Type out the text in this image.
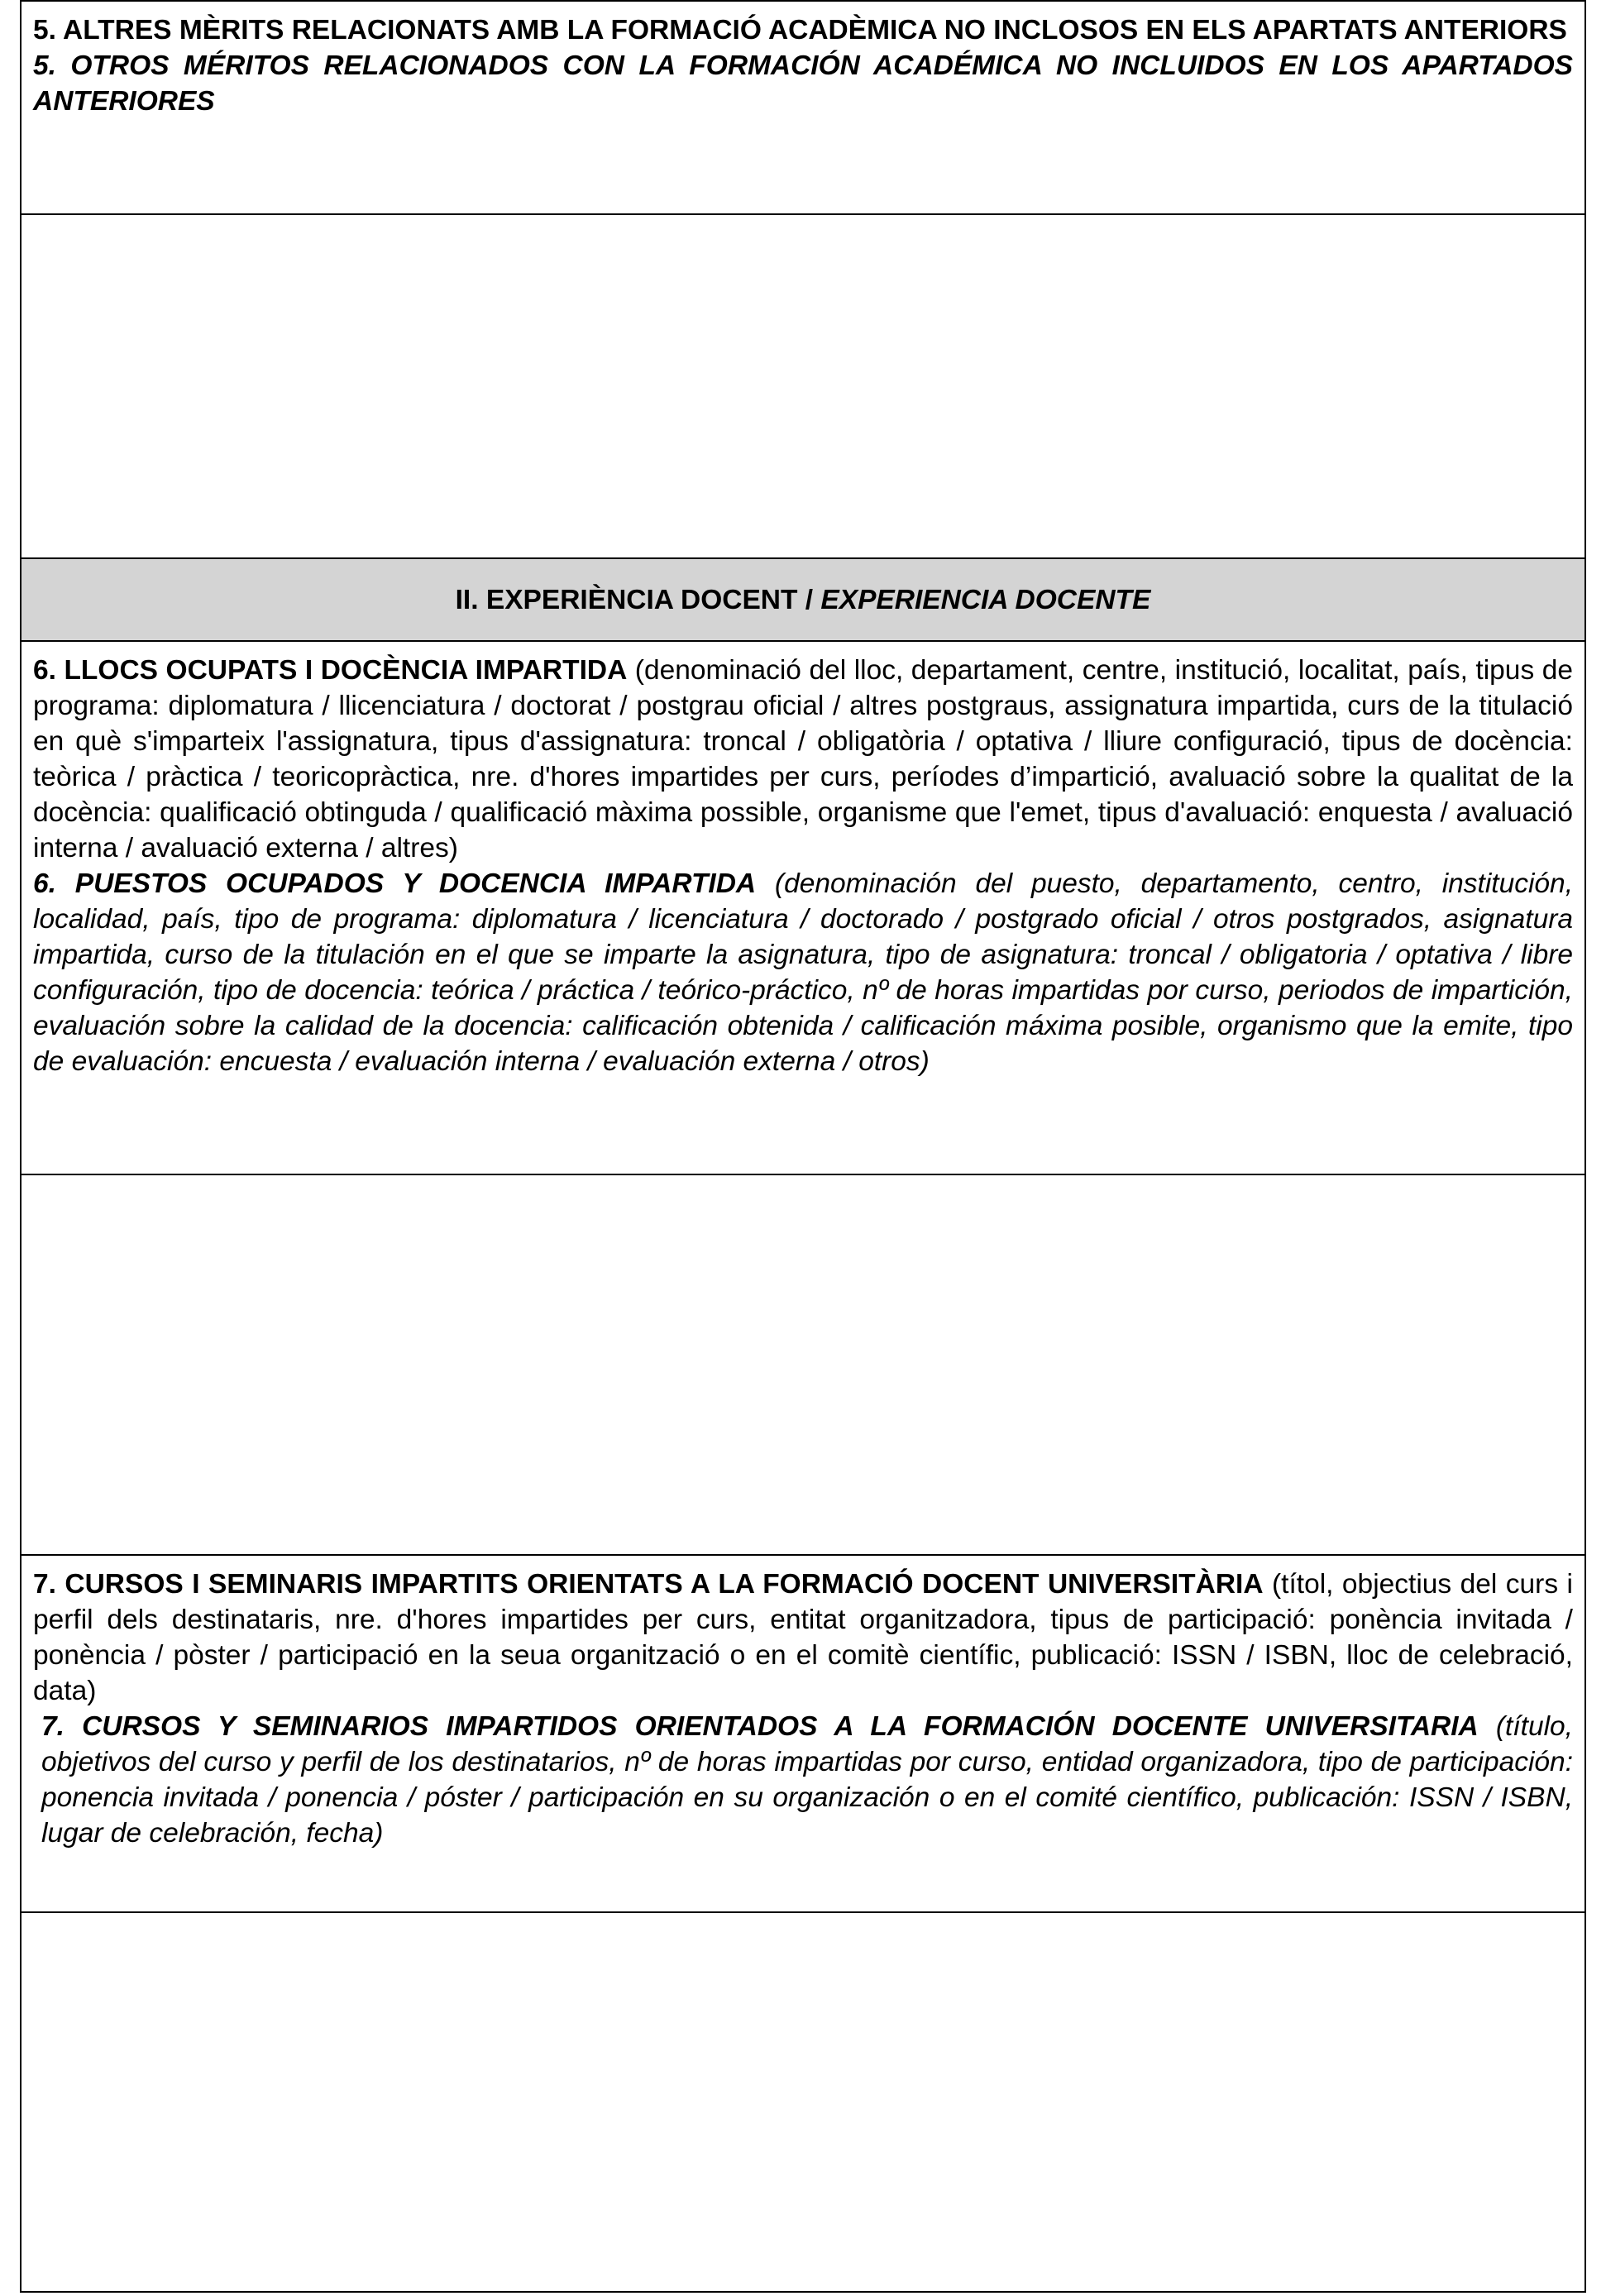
5. ALTRES MÈRITS RELACIONATS AMB LA FORMACIÓ ACADÈMICA NO INCLOSOS EN ELS APARTATS ANTERIORS

5. OTROS MÉRITOS RELACIONADOS CON LA FORMACIÓN ACADÉMICA NO INCLUIDOS EN LOS APARTADOS ANTERIORES

II. EXPERIÈNCIA DOCENT / EXPERIENCIA DOCENTE

6. LLOCS OCUPATS I DOCÈNCIA IMPARTIDA (denominació del lloc, departament, centre, institució, localitat, país, tipus de programa: diplomatura / llicenciatura / doctorat / postgrau oficial / altres postgraus, assignatura impartida, curs de la titulació en què s'imparteix l'assignatura, tipus d'assignatura: troncal / obligatòria / optativa / lliure configuració, tipus de docència: teòrica / pràctica / teoricopràctica, nre. d'hores impartides per curs, períodes d’impartició, avaluació sobre la qualitat de la docència: qualificació obtinguda / qualificació màxima possible, organisme que l'emet, tipus d'avaluació: enquesta / avaluació interna / avaluació externa / altres)

6. PUESTOS OCUPADOS Y DOCENCIA IMPARTIDA (denominación del puesto, departamento, centro, institución, localidad, país, tipo de programa: diplomatura / licenciatura / doctorado / postgrado oficial / otros postgrados, asignatura impartida, curso de la titulación en el que se imparte la asignatura, tipo de asignatura: troncal / obligatoria / optativa / libre configuración, tipo de docencia: teórica / práctica / teórico-práctico, nº de horas impartidas por curso, periodos de impartición, evaluación sobre la calidad de la docencia: calificación obtenida / calificación máxima posible, organismo que la emite, tipo de evaluación: encuesta / evaluación interna / evaluación externa / otros)

7. CURSOS I SEMINARIS IMPARTITS ORIENTATS A LA FORMACIÓ DOCENT UNIVERSITÀRIA (títol, objectius del curs i perfil dels destinataris, nre. d'hores impartides per curs, entitat organitzadora, tipus de participació: ponència invitada / ponència / pòster / participació en la seua organització o en el comitè científic, publicació: ISSN / ISBN, lloc de celebració, data)

7. CURSOS Y SEMINARIOS IMPARTIDOS ORIENTADOS A LA FORMACIÓN DOCENTE UNIVERSITARIA (título, objetivos del curso y perfil de los destinatarios, nº de horas impartidas por curso, entidad organizadora, tipo de participación: ponencia invitada / ponencia / póster / participación en su organización o en el comité científico, publicación: ISSN / ISBN, lugar de celebración, fecha)
